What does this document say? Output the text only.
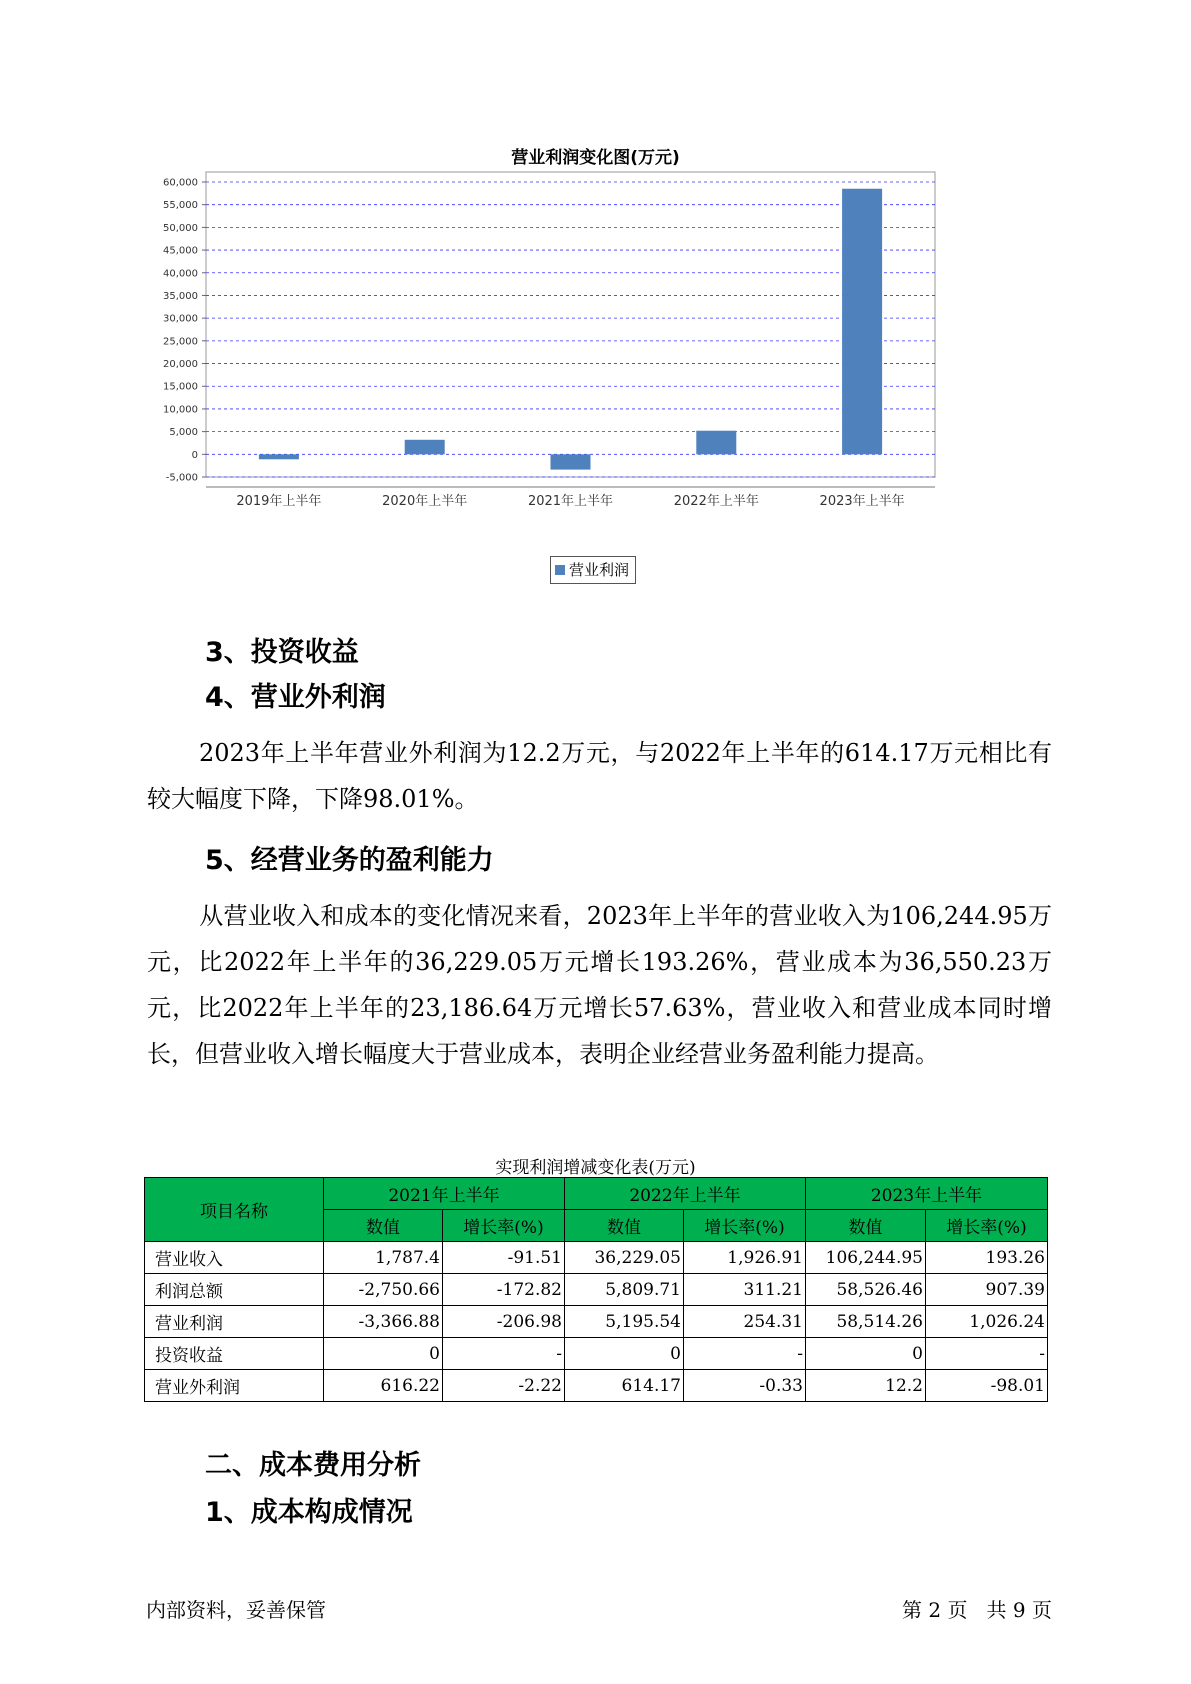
营业利润变化图(万元)
-5,000
0
5,000
10,000
15,000
20,000
25,000
30,000
35,000
40,000
45,000
50,000
55,000
60,000
2019年上半年	2020年上半年	2021年上半年	2022年上半年	2023年上半年
营业利润
3、投资收益
4、营业外利润
2023年上半年营业外利润为12.2万元，与2022年上半年的614.17万元相比有较大幅度下降，下降98.01%。
5、经营业务的盈利能力
从营业收入和成本的变化情况来看，2023年上半年的营业收入为106,244.95万元，比2022年上半年的36,229.05万元增长193.26%，营业成本为36,550.23万元，比2022年上半年的23,186.64万元增长57.63%，营业收入和营业成本同时增长，但营业收入增长幅度大于营业成本，表明企业经营业务盈利能力提高。
实现利润增减变化表(万元)
项目名称	2021年上半年		2022年上半年		2023年上半年	
	数值	增长率(%)	数值	增长率(%)	数值	增长率(%)
营业收入	1,787.4	-91.51	36,229.05	1,926.91	106,244.95	193.26
利润总额	-2,750.66	-172.82	5,809.71	311.21	58,526.46	907.39
营业利润	-3,366.88	-206.98	5,195.54	254.31	58,514.26	1,026.24
投资收益	0	-	0	-	0	-
营业外利润	616.22	-2.22	614.17	-0.33	12.2	-98.01
二、成本费用分析
1、成本构成情况
内部资料，妥善保管	第 2 页   共 9 页
